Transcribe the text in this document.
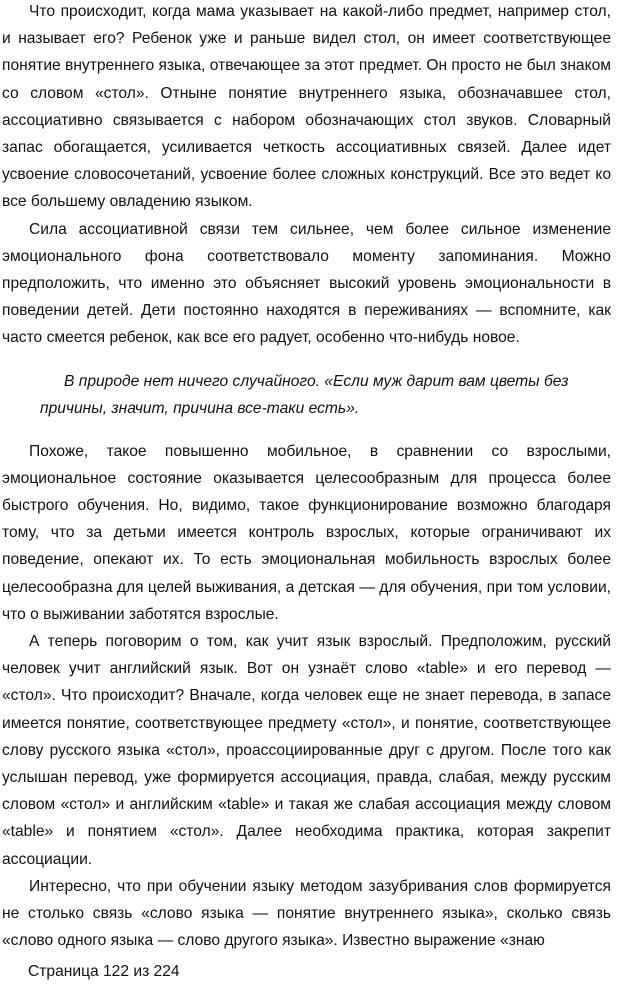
Что происходит, когда мама указывает на какой-либо предмет, например стол, и называет его? Ребенок уже и раньше видел стол, он имеет соответствующее понятие внутреннего языка, отвечающее за этот предмет. Он просто не был знаком со словом «стол». Отныне понятие внутреннего языка, обозначавшее стол, ассоциативно связывается с набором обозначающих стол звуков. Словарный запас обогащается, усиливается четкость ассоциативных связей. Далее идет усвоение словосочетаний, усвоение более сложных конструкций. Все это ведет ко все большему овладению языком.

Сила ассоциативной связи тем сильнее, чем более сильное изменение эмоционального фона соответствовало моменту запоминания. Можно предположить, что именно это объясняет высокий уровень эмоциональности в поведении детей. Дети постоянно находятся в переживаниях — вспомните, как часто смеется ребенок, как все его радует, особенно что-нибудь новое.

В природе нет ничего случайного. «Если муж дарит вам цветы без причины, значит, причина все-таки есть».

Похоже, такое повышенно мобильное, в сравнении со взрослыми, эмоциональное состояние оказывается целесообразным для процесса более быстрого обучения. Но, видимо, такое функционирование возможно благодаря тому, что за детьми имеется контроль взрослых, которые ограничивают их поведение, опекают их. То есть эмоциональная мобильность взрослых более целесообразна для целей выживания, а детская — для обучения, при том условии, что о выживании заботятся взрослые.

А теперь поговорим о том, как учит язык взрослый. Предположим, русский человек учит английский язык. Вот он узнаёт слово «table» и его перевод — «стол». Что происходит? Вначале, когда человек еще не знает перевода, в запасе имеется понятие, соответствующее предмету «стол», и понятие, соответствующее слову русского языка «стол», проассоциированные друг с другом. После того как услышан перевод, уже формируется ассоциация, правда, слабая, между русским словом «стол» и английским «table» и такая же слабая ассоциация между словом «table» и понятием «стол». Далее необходима практика, которая закрепит ассоциации.

Интересно, что при обучении языку методом зазубривания слов формируется не столько связь «слово языка — понятие внутреннего языка», сколько связь «слово одного языка — слово другого языка». Известно выражение «знаю

Страница 122 из 224
